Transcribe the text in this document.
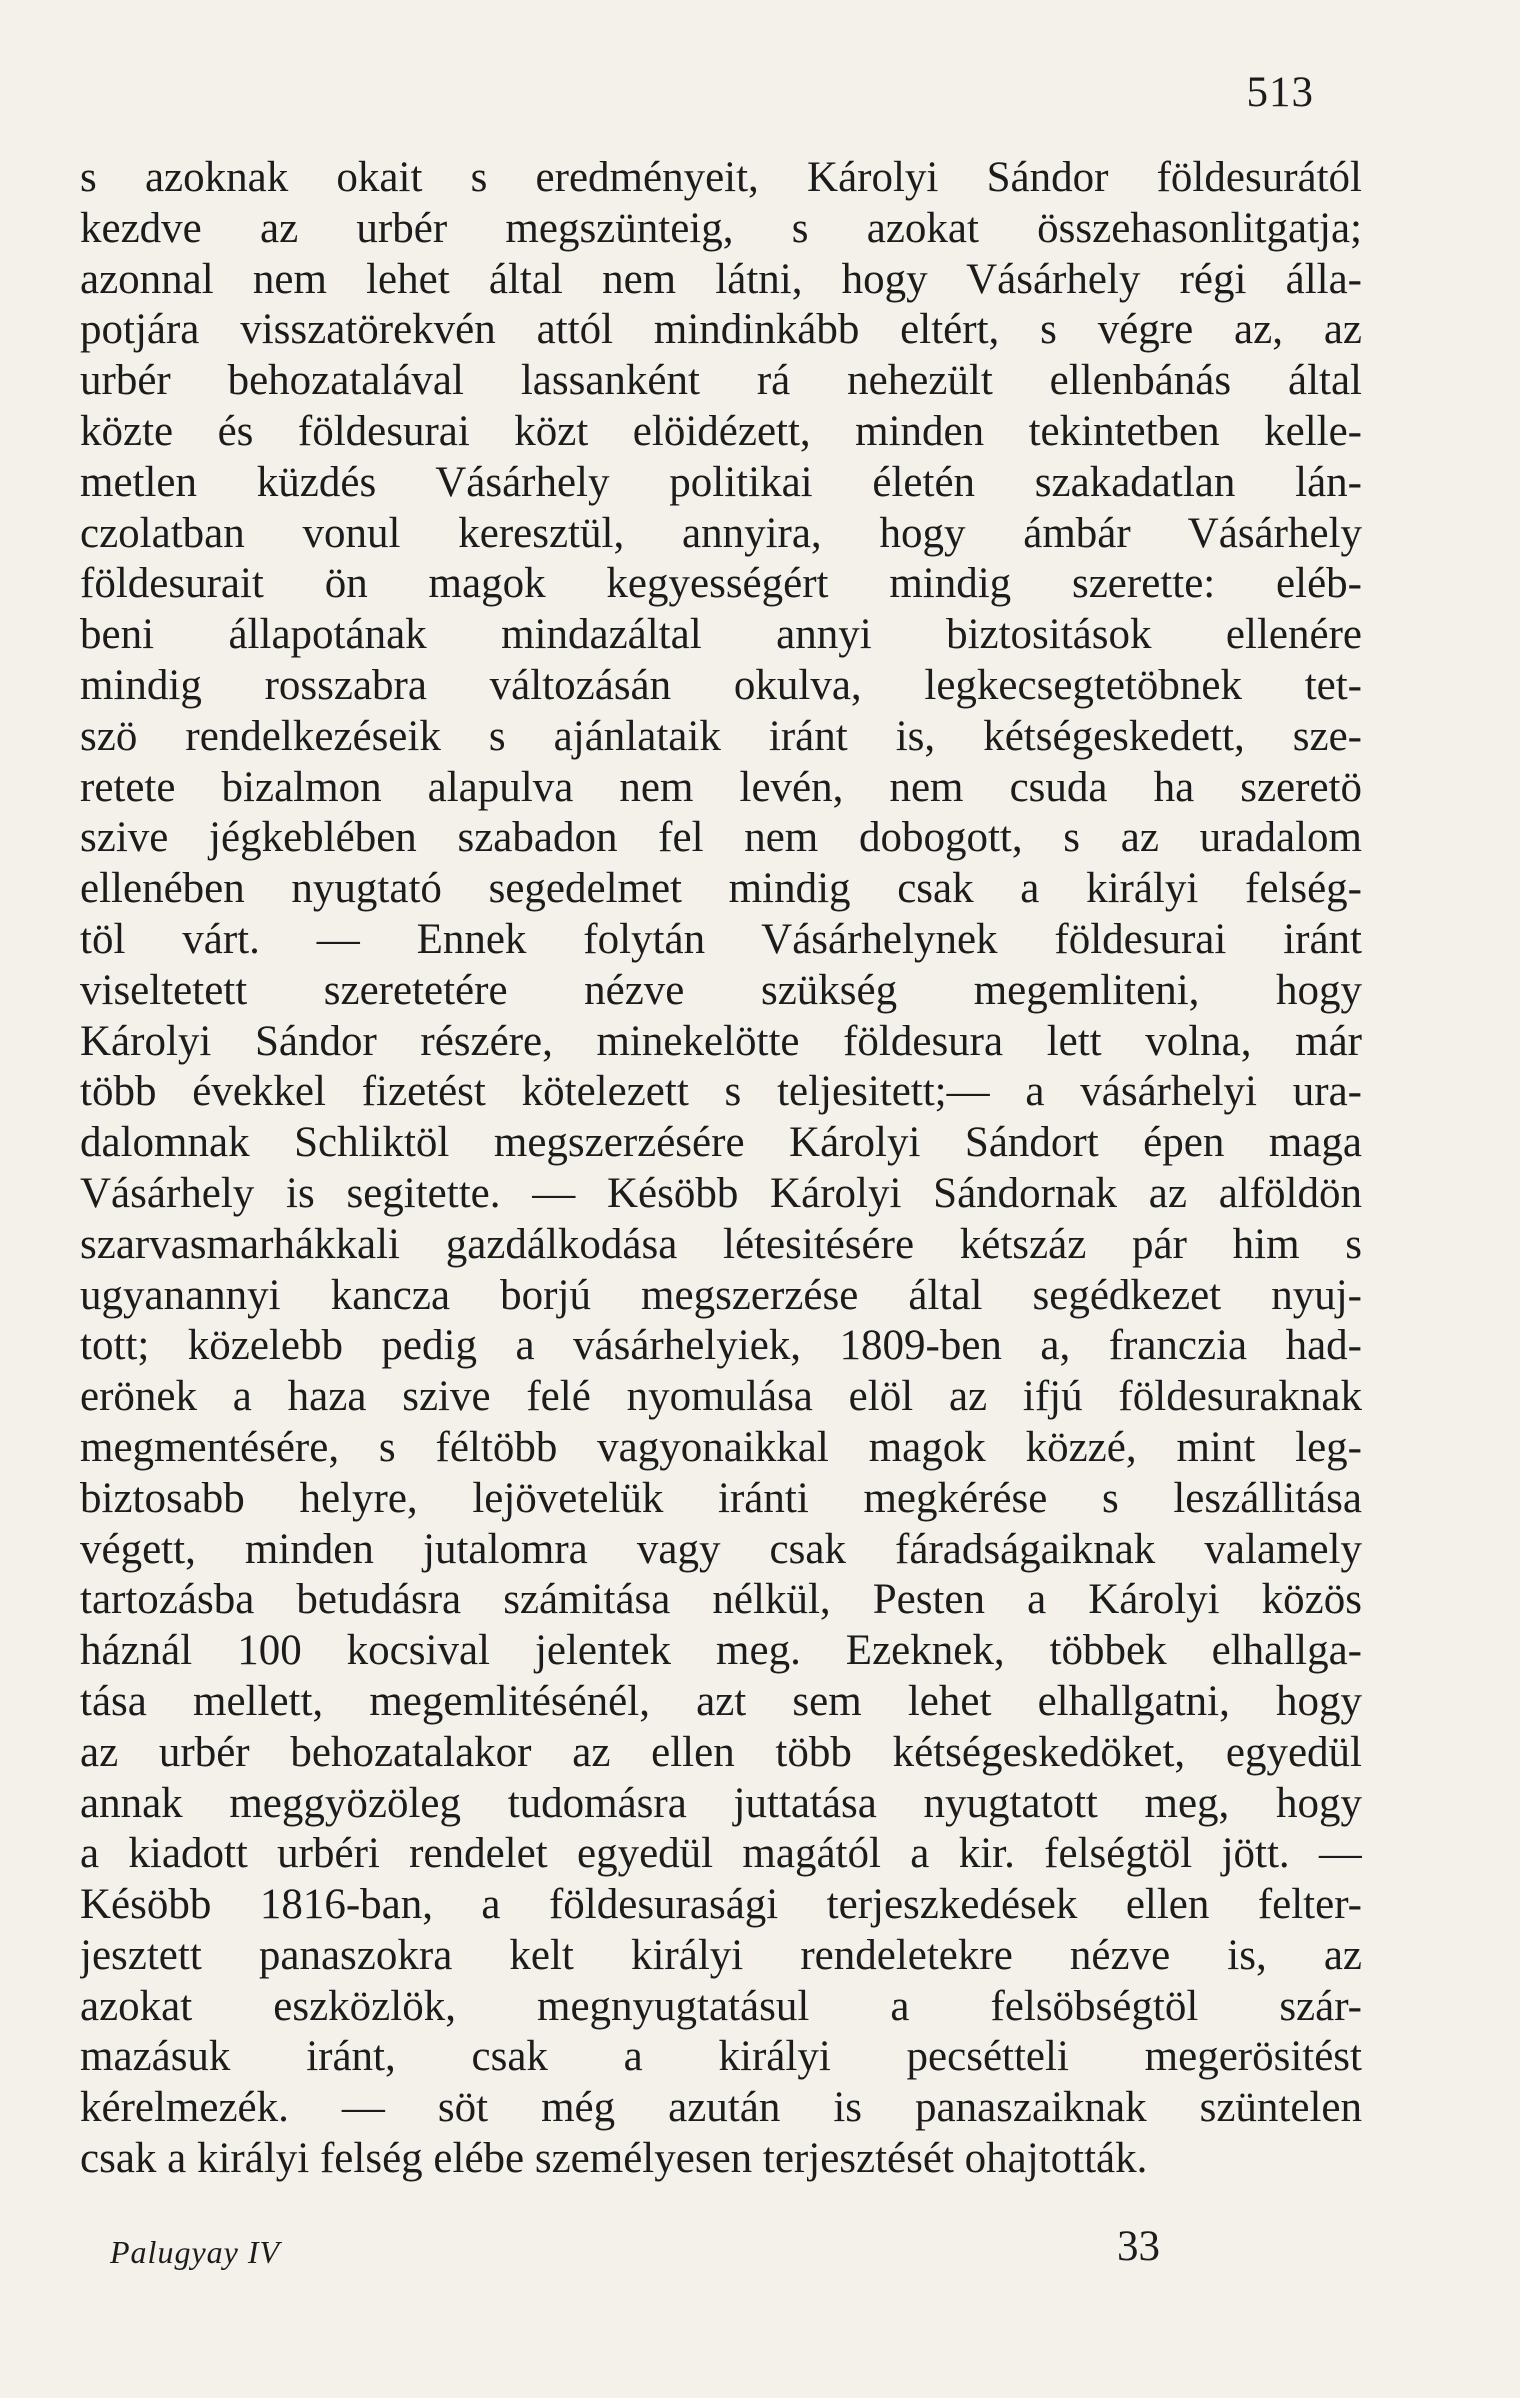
513
s azoknak okait s eredményeit, Károlyi Sándor földesurától
kezdve az urbér megszünteig, s azokat összehasonlitgatja;
azonnal nem lehet által nem látni, hogy Vásárhely régi álla-
potjára visszatörekvén attól mindinkább eltért, s végre az, az
urbér behozatalával lassanként rá nehezült ellenbánás által
közte és földesurai közt elöidézett, minden tekintetben kelle-
metlen küzdés Vásárhely politikai életén szakadatlan lán-
czolatban vonul keresztül, annyira, hogy ámbár Vásárhely
földesurait ön magok kegyességért mindig szerette: eléb-
beni állapotának mindazáltal annyi biztositások ellenére
mindig rosszabra változásán okulva, legkecsegtetöbnek tet-
szö rendelkezéseik s ajánlataik iránt is, kétségeskedett, sze-
retete bizalmon alapulva nem levén, nem csuda ha szeretö
szive jégkeblében szabadon fel nem dobogott, s az uradalom
ellenében nyugtató segedelmet mindig csak a királyi felség-
töl várt. — Ennek folytán Vásárhelynek földesurai iránt
viseltetett szeretetére nézve szükség megemliteni, hogy
Károlyi Sándor részére, minekelötte földesura lett volna, már
több évekkel fizetést kötelezett s teljesitett;— a vásárhelyi ura-
dalomnak Schliktöl megszerzésére Károlyi Sándort épen maga
Vásárhely is segitette. — Késöbb Károlyi Sándornak az alföldön
szarvasmarhákkali gazdálkodása létesitésére kétszáz pár him s
ugyanannyi kancza borjú megszerzése által segédkezet nyuj-
tott; közelebb pedig a vásárhelyiek, 1809-ben a, franczia had-
erönek a haza szive felé nyomulása elöl az ifjú földesuraknak
megmentésére, s féltöbb vagyonaikkal magok közzé, mint leg-
biztosabb helyre, lejövetelük iránti megkérése s leszállitása
végett, minden jutalomra vagy csak fáradságaiknak valamely
tartozásba betudásra számitása nélkül, Pesten a Károlyi közös
háznál 100 kocsival jelentek meg. Ezeknek, többek elhallga-
tása mellett, megemlitésénél, azt sem lehet elhallgatni, hogy
az urbér behozatalakor az ellen több kétségeskedöket, egyedül
annak meggyözöleg tudomásra juttatása nyugtatott meg, hogy
a kiadott urbéri rendelet egyedül magától a kir. felségtöl jött. —
Késöbb 1816-ban, a földesurasági terjeszkedések ellen felter-
jesztett panaszokra kelt királyi rendeletekre nézve is, az
azokat eszközlök, megnyugtatásul a felsöbségtöl szár-
mazásuk iránt, csak a királyi pecsétteli megerösitést
kérelmezék. — söt még azután is panaszaiknak szüntelen
csak a királyi felség elébe személyesen terjesztését ohajtották.
Palugyay IV	33
